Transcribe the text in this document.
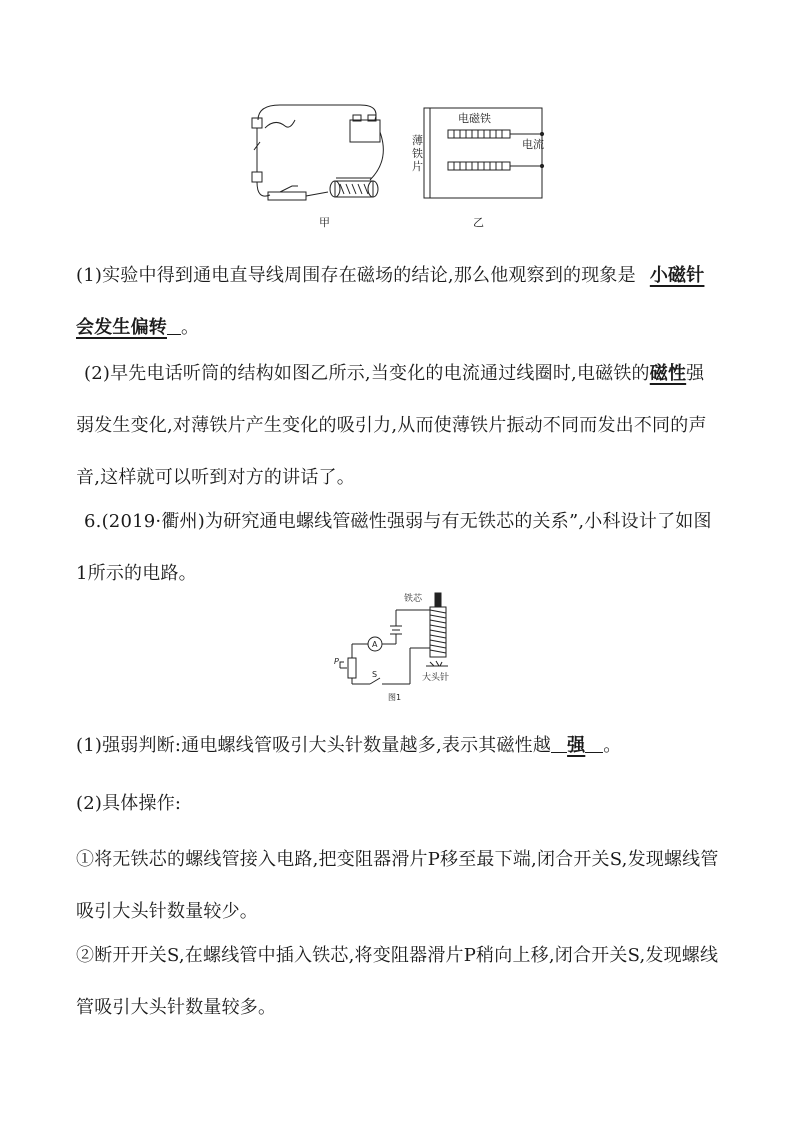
电磁铁
电流
甲	乙
薄铁片
(1)实验中得到通电直导线周围存在磁场的结论,那么他观察到的现象是 小磁针会发生偏转 。
(2)早先电话听筒的结构如图乙所示,当变化的电流通过线圈时,电磁铁的磁性强弱发生变化,对薄铁片产生变化的吸引力,从而使薄铁片振动不同而发出不同的声音,这样就可以听到对方的讲话了。
6.(2019·衢州)为研究通电螺线管磁性强弱与有无铁芯的关系”,小科设计了如图1所示的电路。
铁芯
A
P
S	大头针
图1
(1)强弱判断:通电螺线管吸引大头针数量越多,表示其磁性越 强 。
(2)具体操作:
①将无铁芯的螺线管接入电路,把变阻器滑片P移至最下端,闭合开关S,发现螺线管吸引大头针数量较少。
②断开开关S,在螺线管中插入铁芯,将变阻器滑片P稍向上移,闭合开关S,发现螺线管吸引大头针数量较多。
